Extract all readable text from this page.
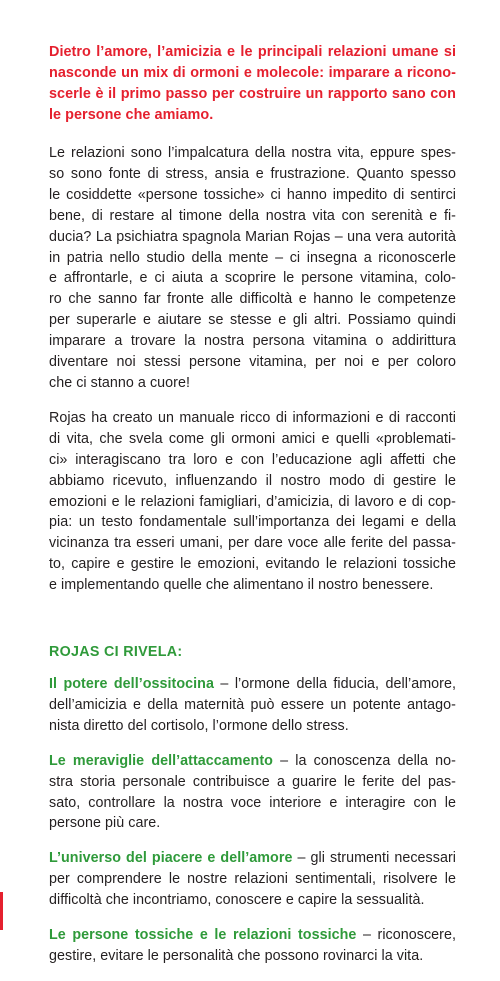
Dietro l’amore, l’amicizia e le principali relazioni umane si
nasconde un mix di ormoni e molecole: imparare a ricono-
scerle è il primo passo per costruire un rapporto sano con
le persone che amiamo.

Le relazioni sono l’impalcatura della nostra vita, eppure spes-
so sono fonte di stress, ansia e frustrazione. Quanto spesso
le cosiddette «persone tossiche» ci hanno impedito di sentirci
bene, di restare al timone della nostra vita con serenità e fi-
ducia? La psichiatra spagnola Marian Rojas – una vera autorità
in patria nello studio della mente – ci insegna a riconoscerle
e affrontarle, e ci aiuta a scoprire le persone vitamina, colo-
ro che sanno far fronte alle difficoltà e hanno le competenze
per superarle e aiutare se stesse e gli altri. Possiamo quindi
imparare a trovare la nostra persona vitamina o addirittura
diventare noi stessi persone vitamina, per noi e per coloro
che ci stanno a cuore!

Rojas ha creato un manuale ricco di informazioni e di racconti
di vita, che svela come gli ormoni amici e quelli «problemati-
ci» interagiscano tra loro e con l’educazione agli affetti che
abbiamo ricevuto, influenzando il nostro modo di gestire le
emozioni e le relazioni famigliari, d’amicizia, di lavoro e di cop-
pia: un testo fondamentale sull’importanza dei legami e della
vicinanza tra esseri umani, per dare voce alle ferite del passa-
to, capire e gestire le emozioni, evitando le relazioni tossiche
e implementando quelle che alimentano il nostro benessere.

ROJAS CI RIVELA:

Il potere dell’ossitocina – l’ormone della fiducia, dell’amore,
dell’amicizia e della maternità può essere un potente antago-
nista diretto del cortisolo, l’ormone dello stress.

Le meraviglie dell’attaccamento – la conoscenza della no-
stra storia personale contribuisce a guarire le ferite del pas-
sato, controllare la nostra voce interiore e interagire con le
persone più care.

L’universo del piacere e dell’amore – gli strumenti necessari
per comprendere le nostre relazioni sentimentali, risolvere le
difficoltà che incontriamo, conoscere e capire la sessualità.

Le persone tossiche e le relazioni tossiche – riconoscere,
gestire, evitare le personalità che possono rovinarci la vita.
